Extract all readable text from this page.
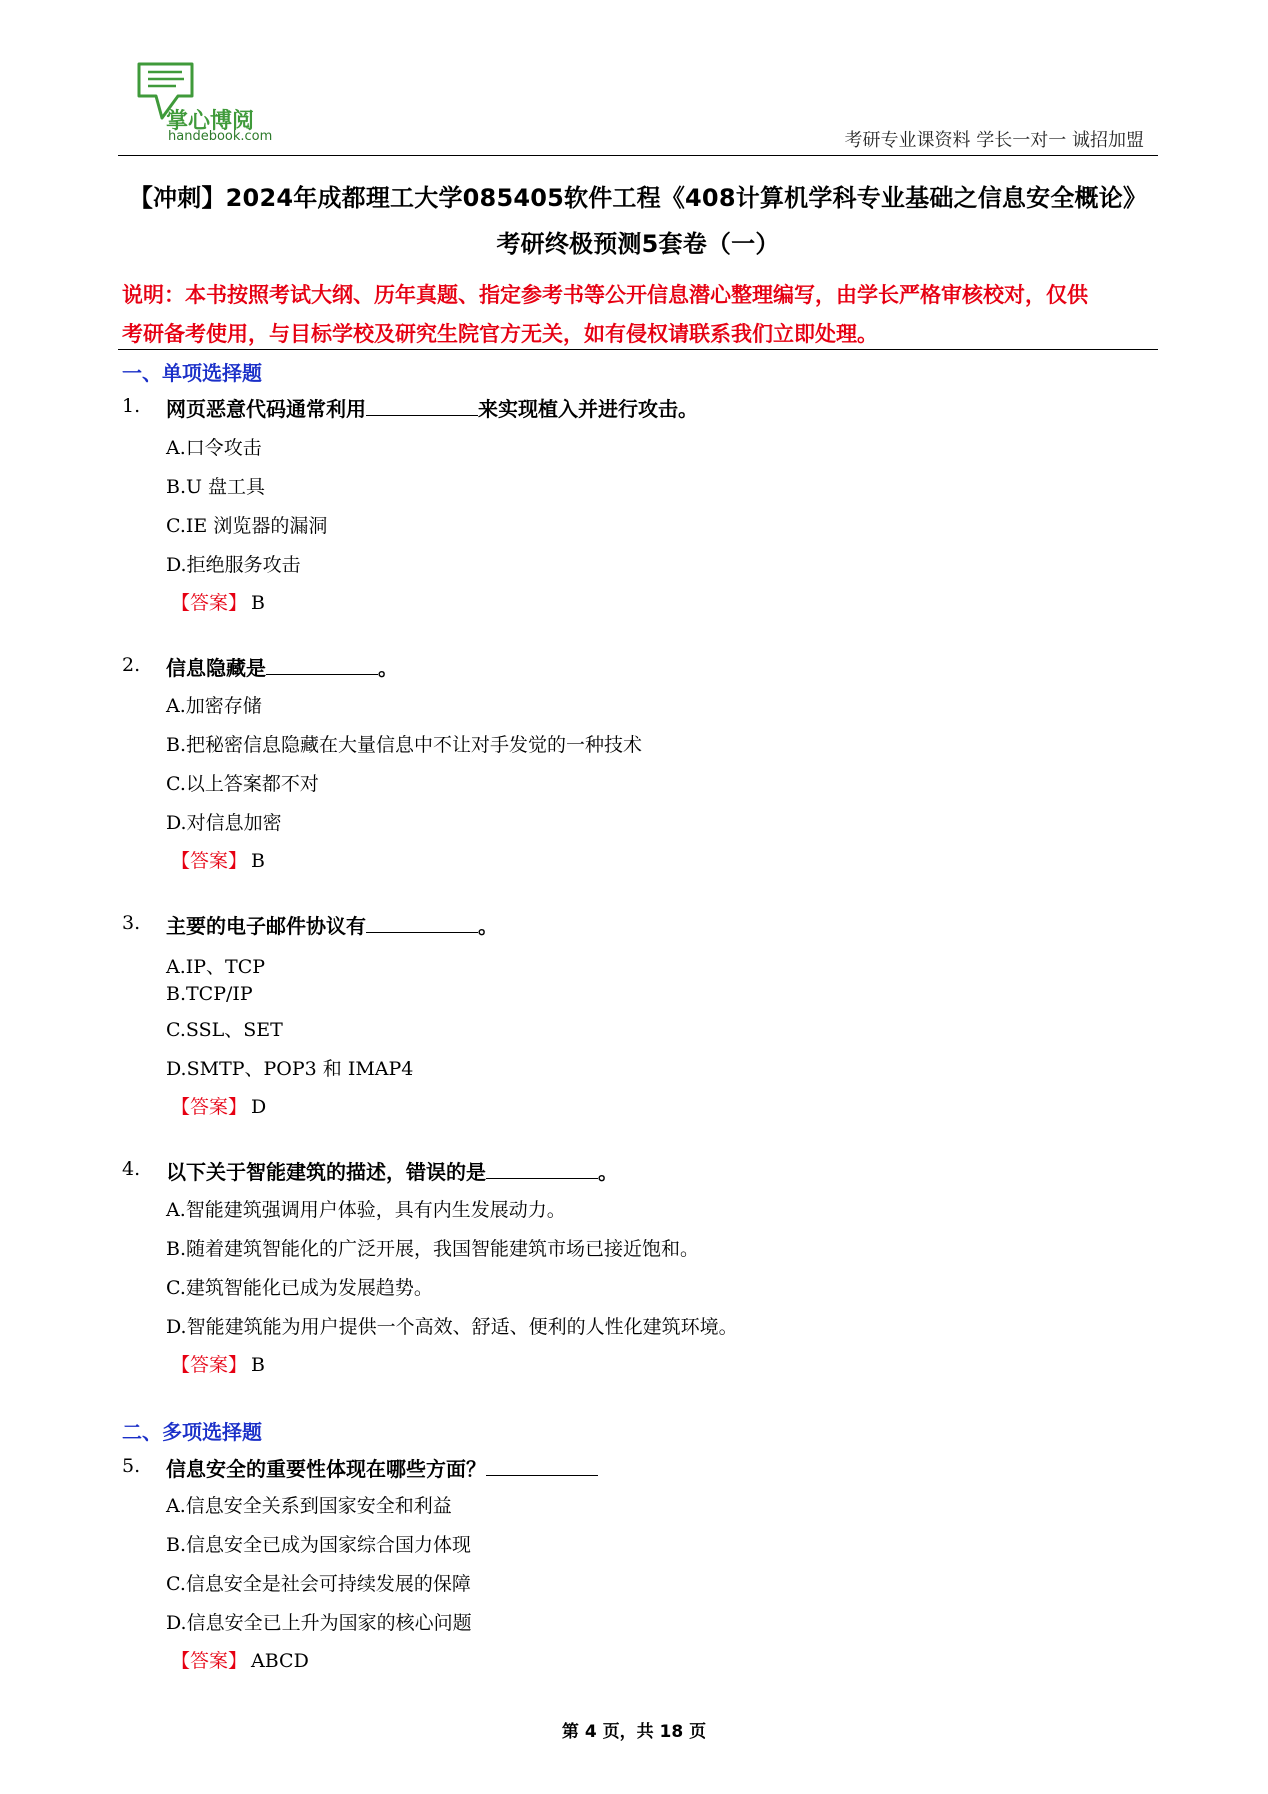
掌心博阅
handebook.com	考研专业课资料 学长一对一 诚招加盟
【冲刺】2024年成都理工大学085405软件工程《408计算机学科专业基础之信息安全概论》
考研终极预测5套卷（一）
说明：本书按照考试大纲、历年真题、指定参考书等公开信息潜心整理编写，由学长严格审核校对，仅供
考研备考使用，与目标学校及研究生院官方无关，如有侵权请联系我们立即处理。
一、单项选择题
1. 网页恶意代码通常利用	来实现植入并进行攻击。
A.口令攻击
B.U 盘工具
C.IE 浏览器的漏洞
D.拒绝服务攻击
【答案】 B
2. 信息隐藏是	。
A.加密存储
B.把秘密信息隐藏在大量信息中不让对手发觉的一种技术
C.以上答案都不对
D.对信息加密
【答案】 B
3. 主要的电子邮件协议有	。
A.IP、TCP
B.TCP/IP
C.SSL、SET
D.SMTP、POP3 和 IMAP4
【答案】 D
4. 以下关于智能建筑的描述，错误的是	。
A.智能建筑强调用户体验，具有内生发展动力。
B.随着建筑智能化的广泛开展，我国智能建筑市场已接近饱和。
C.建筑智能化已成为发展趋势。
D.智能建筑能为用户提供一个高效、舒适、便利的人性化建筑环境。
【答案】 B
二、多项选择题
5. 信息安全的重要性体现在哪些方面？
A.信息安全关系到国家安全和利益
B.信息安全已成为国家综合国力体现
C.信息安全是社会可持续发展的保障
D.信息安全已上升为国家的核心问题
【答案】 ABCD
第 4 页，共 18 页
